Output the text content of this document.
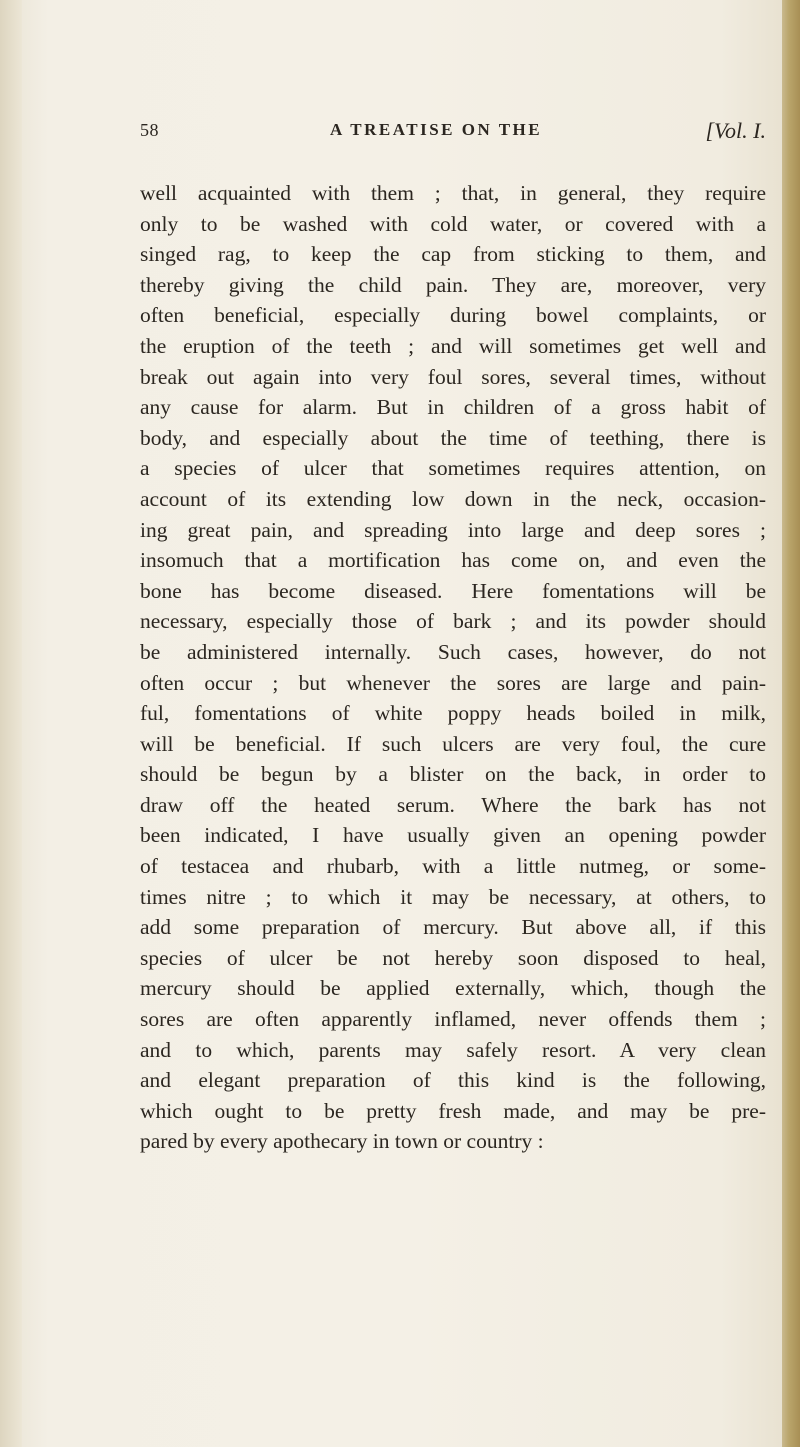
58	A TREATISE ON THE	[Vol. I.

well acquainted with them ; that, in general, they require
only to be washed with cold water, or covered with a
singed rag, to keep the cap from sticking to them, and
thereby giving the child pain. They are, moreover, very
often beneficial, especially during bowel complaints, or
the eruption of the teeth ; and will sometimes get well and
break out again into very foul sores, several times, without
any cause for alarm. But in children of a gross habit of
body, and especially about the time of teething, there is
a species of ulcer that sometimes requires attention, on
account of its extending low down in the neck, occasion-
ing great pain, and spreading into large and deep sores ;
insomuch that a mortification has come on, and even the
bone has become diseased. Here fomentations will be
necessary, especially those of bark ; and its powder should
be administered internally. Such cases, however, do not
often occur ; but whenever the sores are large and pain-
ful, fomentations of white poppy heads boiled in milk,
will be beneficial. If such ulcers are very foul, the cure
should be begun by a blister on the back, in order to
draw off the heated serum. Where the bark has not
been indicated, I have usually given an opening powder
of testacea and rhubarb, with a little nutmeg, or some-
times nitre ; to which it may be necessary, at others, to
add some preparation of mercury. But above all, if this
species of ulcer be not hereby soon disposed to heal,
mercury should be applied externally, which, though the
sores are often apparently inflamed, never offends them ;
and to which, parents may safely resort. A very clean
and elegant preparation of this kind is the following,
which ought to be pretty fresh made, and may be pre-
pared by every apothecary in town or country :
